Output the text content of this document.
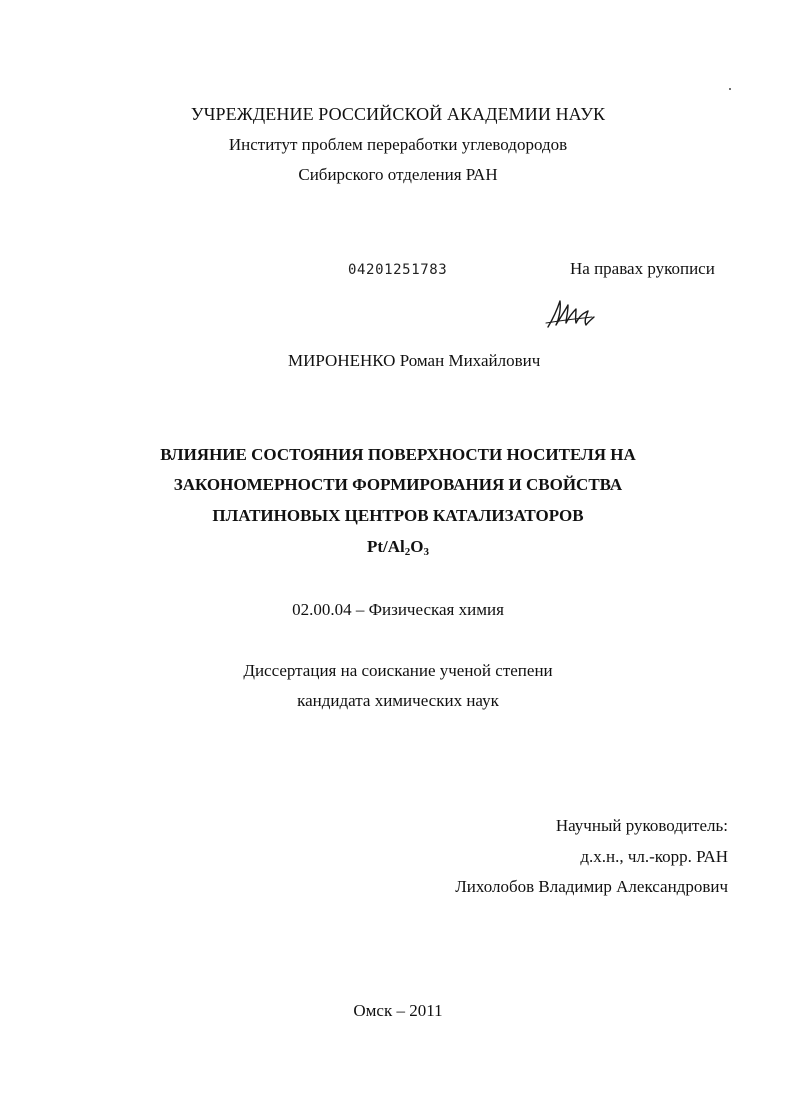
УЧРЕЖДЕНИЕ РОССИЙСКОЙ АКАДЕМИИ НАУК
Институт проблем переработки углеводородов
Сибирского отделения РАН
04201251783	На правах рукописи
МИРОНЕНКО Роман Михайлович
ВЛИЯНИЕ СОСТОЯНИЯ ПОВЕРХНОСТИ НОСИТЕЛЯ НА
ЗАКОНОМЕРНОСТИ ФОРМИРОВАНИЯ И СВОЙСТВА
ПЛАТИНОВЫХ ЦЕНТРОВ КАТАЛИЗАТОРОВ
$Pt/Al_2O_3$
02.00.04 – Физическая химия
Диссертация на соискание ученой степени
кандидата химических наук
Научный руководитель:
д.х.н., чл.-корр. РАН
Лихолобов Владимир Александрович
Омск – 2011
